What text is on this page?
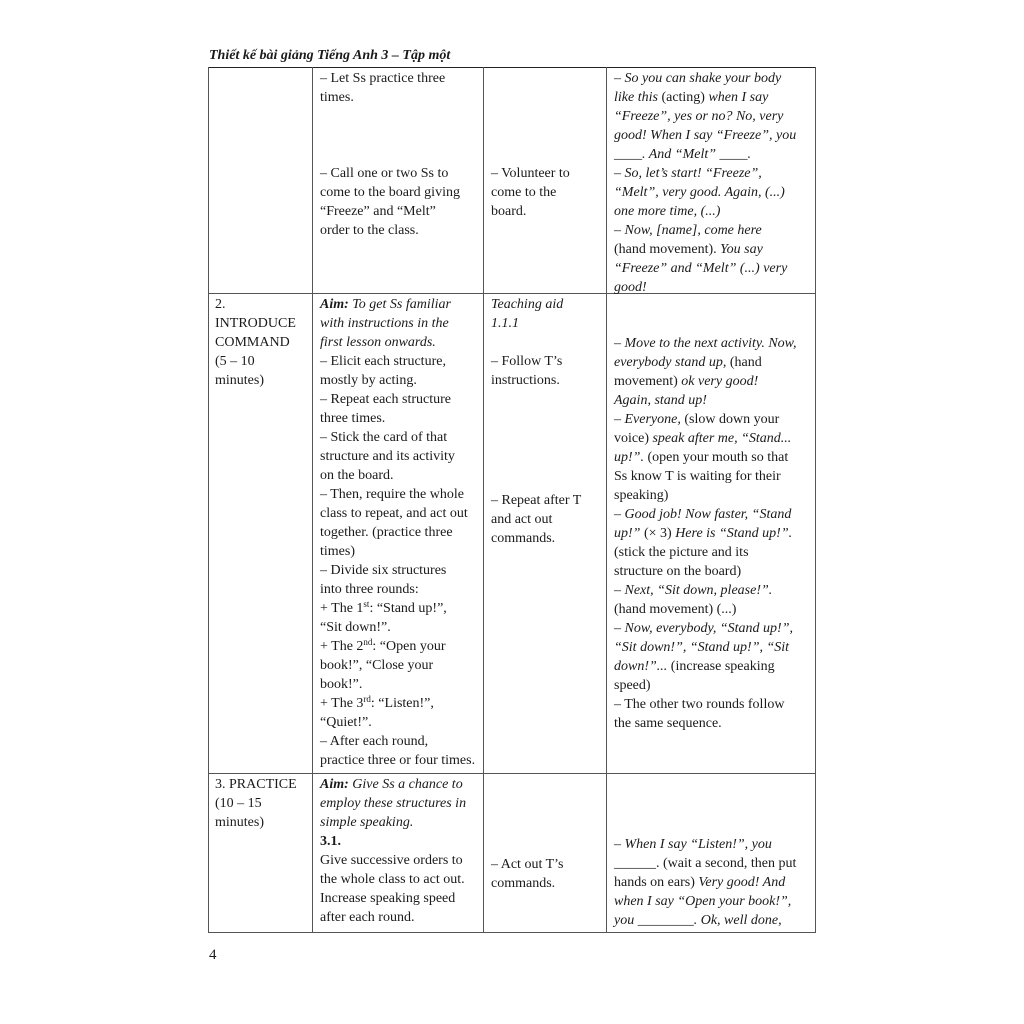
Thiết kế bài giảng Tiếng Anh 3 – Tập một

– Let Ss practice three

times.

– Call one or two Ss to

come to the board giving

“Freeze” and “Melt”

order to the class.

– Volunteer to

come to the

board.

– So you can shake your body

like this (acting) when I say

“Freeze”, yes or no? No, very

good! When I say “Freeze”, you

____. And “Melt” ____.

– So, let’s start! “Freeze”,

“Melt”, very good. Again, (...)

one more time, (...)

– Now, [name], come here

(hand movement). You say

“Freeze” and “Melt” (...) very

good!

2.

INTRODUCE

COMMAND

(5 – 10

minutes)

Aim: To get Ss familiar

with instructions in the

first lesson onwards.

– Elicit each structure,

mostly by acting.

– Repeat each structure

three times.

– Stick the card of that

structure and its activity

on the board.

– Then, require the whole

class to repeat, and act out

together. (practice three

times)

– Divide six structures

into three rounds:

+ The 1st: “Stand up!”,

“Sit down!”.

+ The 2nd: “Open your

book!”, “Close your

book!”.

+ The 3rd: “Listen!”,

“Quiet!”.

– After each round,

practice three or four times.

Teaching aid

1.1.1

– Follow T’s

instructions.

– Repeat after T

and act out

commands.

– Move to the next activity. Now,

everybody stand up, (hand

movement) ok very good!

Again, stand up!

– Everyone, (slow down your

voice) speak after me, “Stand...

up!”. (open your mouth so that

Ss know T is waiting for their

speaking)

– Good job! Now faster, “Stand

up!” (× 3) Here is “Stand up!”.

(stick the picture and its

structure on the board)

– Next, “Sit down, please!”.

(hand movement) (...)

– Now, everybody, “Stand up!”,

“Sit down!”, “Stand up!”, “Sit

down!”... (increase speaking

speed)

– The other two rounds follow

the same sequence.

3. PRACTICE

(10 – 15

minutes)

Aim: Give Ss a chance to

employ these structures in

simple speaking.

3.1.

Give successive orders to

the whole class to act out.

Increase speaking speed

after each round.

– Act out T’s

commands.

– When I say “Listen!”, you

______. (wait a second, then put

hands on ears) Very good! And

when I say “Open your book!”,

you ________. Ok, well done,

4
